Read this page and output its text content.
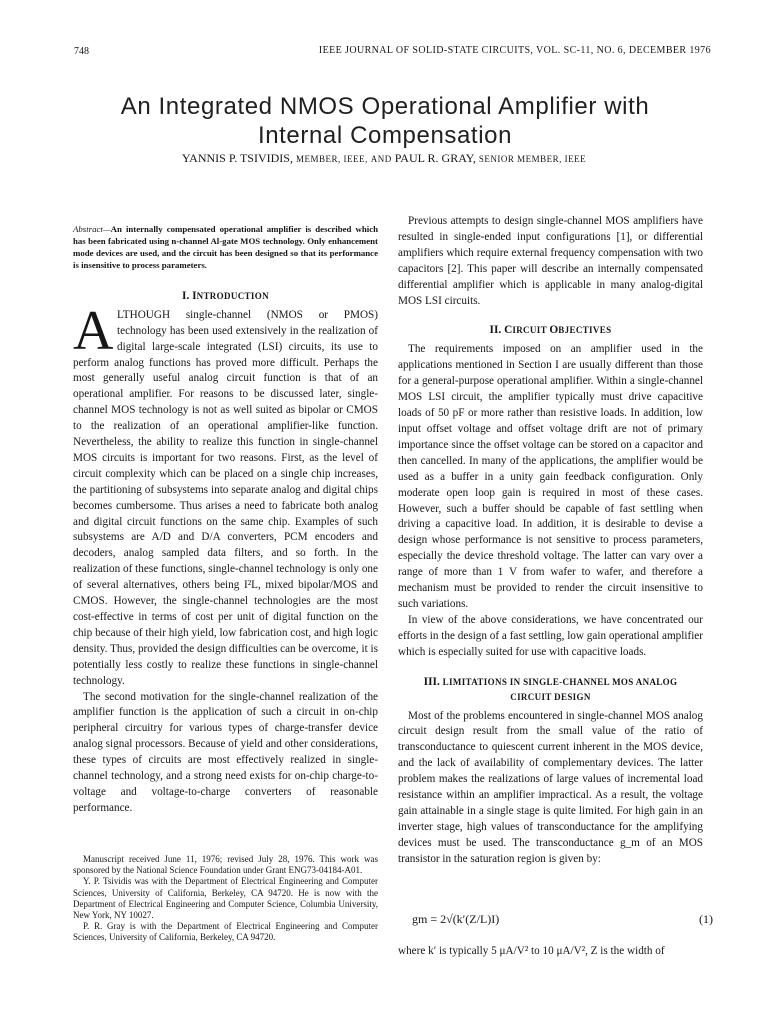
748	IEEE JOURNAL OF SOLID-STATE CIRCUITS, VOL. SC-11, NO. 6, DECEMBER 1976
An Integrated NMOS Operational Amplifier with
Internal Compensation
YANNIS P. TSIVIDIS, MEMBER, IEEE, AND PAUL R. GRAY, SENIOR MEMBER, IEEE

Abstract—An internally compensated operational amplifier is described which has been fabricated using n-channel Al-gate MOS technology. Only enhancement mode devices are used, and the circuit has been designed so that its performance is insensitive to process parameters.

I. INTRODUCTION

ALTHOUGH single-channel (NMOS or PMOS) technology has been used extensively in the realization of digital large-scale integrated (LSI) circuits, its use to perform analog functions has proved more difficult. Perhaps the most generally useful analog circuit function is that of an operational amplifier. For reasons to be discussed later, single-channel MOS technology is not as well suited as bipolar or CMOS to the realization of an operational amplifier-like function. Nevertheless, the ability to realize this function in single-channel MOS circuits is important for two reasons. First, as the level of circuit complexity which can be placed on a single chip increases, the partitioning of subsystems into separate analog and digital chips becomes cumbersome. Thus arises a need to fabricate both analog and digital circuit functions on the same chip. Examples of such subsystems are A/D and D/A converters, PCM encoders and decoders, analog sampled data filters, and so forth. In the realization of these functions, single-channel technology is only one of several alternatives, others being I²L, mixed bipolar/MOS and CMOS. However, the single-channel technologies are the most cost-effective in terms of cost per unit of digital function on the chip because of their high yield, low fabrication cost, and high logic density. Thus, provided the design difficulties can be overcome, it is potentially less costly to realize these functions in single-channel technology.

The second motivation for the single-channel realization of the amplifier function is the application of such a circuit in on-chip peripheral circuitry for various types of charge-transfer device analog signal processors. Because of yield and other considerations, these types of circuits are most effectively realized in single-channel technology, and a strong need exists for on-chip charge-to-voltage and voltage-to-charge converters of reasonable performance.

Previous attempts to design single-channel MOS amplifiers have resulted in single-ended input configurations [1], or differential amplifiers which require external frequency compensation with two capacitors [2]. This paper will describe an internally compensated differential amplifier which is applicable in many analog-digital MOS LSI circuits.

II. CIRCUIT OBJECTIVES

The requirements imposed on an amplifier used in the applications mentioned in Section I are usually different than those for a general-purpose operational amplifier. Within a single-channel MOS LSI circuit, the amplifier typically must drive capacitive loads of 50 pF or more rather than resistive loads. In addition, low input offset voltage and offset voltage drift are not of primary importance since the offset voltage can be stored on a capacitor and then cancelled. In many of the applications, the amplifier would be used as a buffer in a unity gain feedback configuration. Only moderate open loop gain is required in most of these cases. However, such a buffer should be capable of fast settling when driving a capacitive load. In addition, it is desirable to devise a design whose performance is not sensitive to process parameters, especially the device threshold voltage. The latter can vary over a range of more than 1 V from wafer to wafer, and therefore a mechanism must be provided to render the circuit insensitive to such variations.

In view of the above considerations, we have concentrated our efforts in the design of a fast settling, low gain operational amplifier which is especially suited for use with capacitive loads.

III. LIMITATIONS IN SINGLE-CHANNEL MOS ANALOG
CIRCUIT DESIGN

Most of the problems encountered in single-channel MOS analog circuit design result from the small value of the ratio of transconductance to quiescent current inherent in the MOS device, and the lack of availability of complementary devices. The latter problem makes the realizations of large values of incremental load resistance within an amplifier impractical. As a result, the voltage gain attainable in a single stage is quite limited. For high gain in an inverter stage, high values of transconductance for the amplifying devices must be used. The transconductance g_m of an MOS transistor in the saturation region is given by:

gm = 2√(k′(Z/L)I)	(1)
where k′ is typically 5 μA/V² to 10 μA/V², Z is the width of

Manuscript received June 11, 1976; revised July 28, 1976. This work was sponsored by the National Science Foundation under Grant ENG73-04184-A01.

Y. P. Tsividis was with the Department of Electrical Engineering and Computer Sciences, University of California, Berkeley, CA 94720. He is now with the Department of Electrical Engineering and Computer Science, Columbia University, New York, NY 10027.

P. R. Gray is with the Department of Electrical Engineering and Computer Sciences, University of California, Berkeley, CA 94720.
